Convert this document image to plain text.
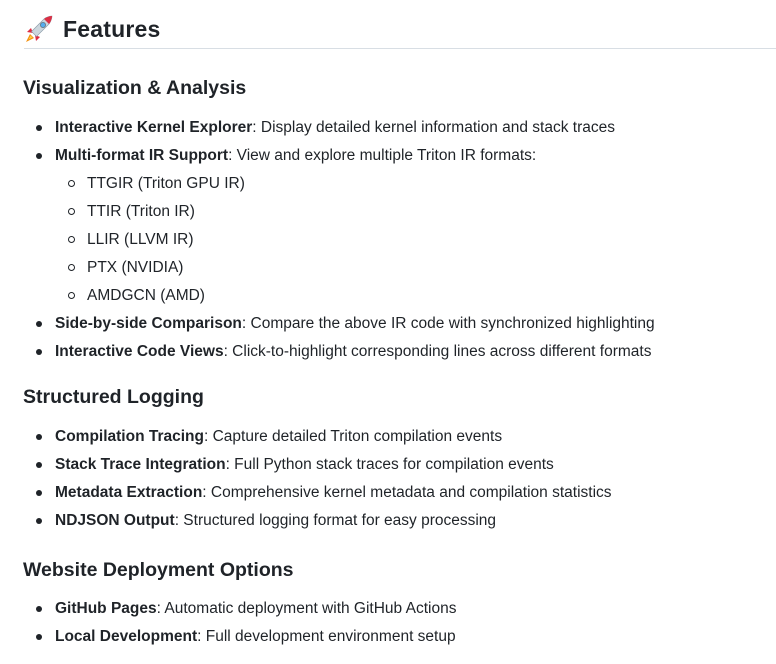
Features
Visualization & Analysis
Interactive Kernel Explorer: Display detailed kernel information and stack traces
Multi-format IR Support: View and explore multiple Triton IR formats:
TTGIR (Triton GPU IR)
TTIR (Triton IR)
LLIR (LLVM IR)
PTX (NVIDIA)
AMDGCN (AMD)
Side-by-side Comparison: Compare the above IR code with synchronized highlighting
Interactive Code Views: Click-to-highlight corresponding lines across different formats
Structured Logging
Compilation Tracing: Capture detailed Triton compilation events
Stack Trace Integration: Full Python stack traces for compilation events
Metadata Extraction: Comprehensive kernel metadata and compilation statistics
NDJSON Output: Structured logging format for easy processing
Website Deployment Options
GitHub Pages: Automatic deployment with GitHub Actions
Local Development: Full development environment setup
